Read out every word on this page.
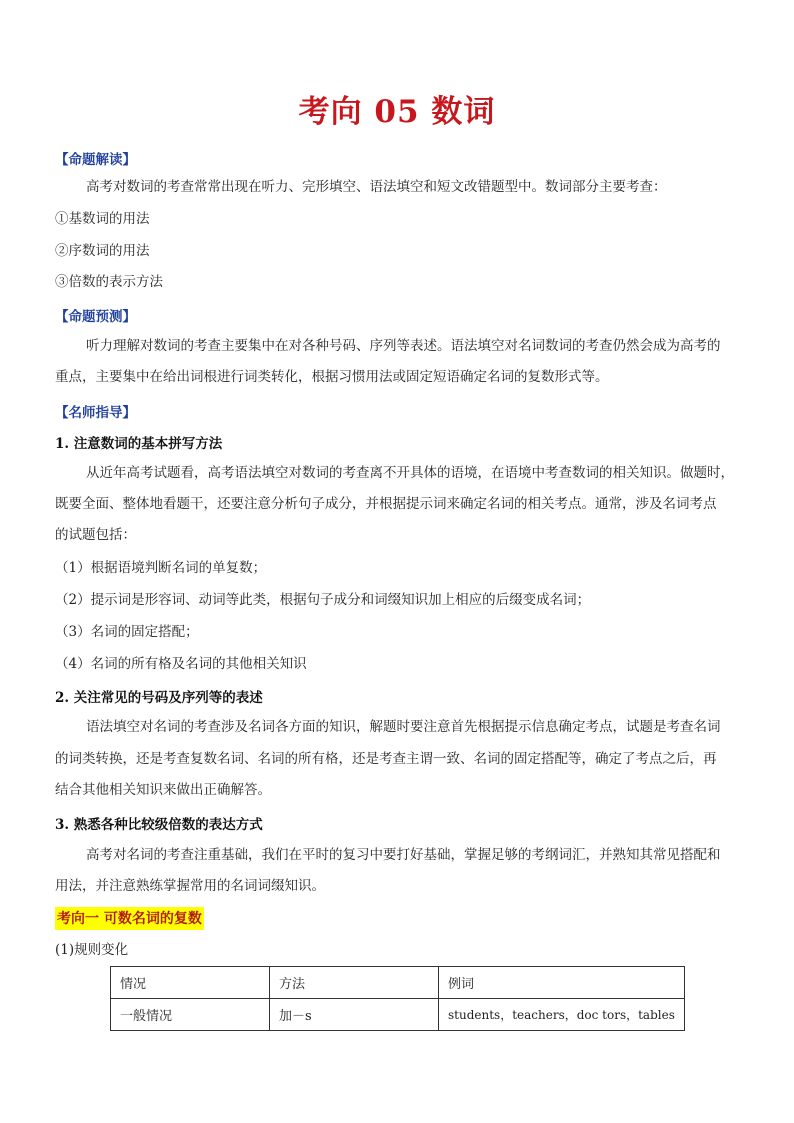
考向 05 数词
【命题解读】
高考对数词的考查常常出现在听力、完形填空、语法填空和短文改错题型中。数词部分主要考查：
①基数词的用法
②序数词的用法
③倍数的表示方法
【命题预测】
听力理解对数词的考查主要集中在对各种号码、序列等表述。语法填空对名词数词的考查仍然会成为高考的
重点，主要集中在给出词根进行词类转化，根据习惯用法或固定短语确定名词的复数形式等。
【名师指导】
1. 注意数词的基本拼写方法
从近年高考试题看，高考语法填空对数词的考查离不开具体的语境，在语境中考查数词的相关知识。做题时，
既要全面、整体地看题干，还要注意分析句子成分，并根据提示词来确定名词的相关考点。通常，涉及名词考点
的试题包括：
（1）根据语境判断名词的单复数；
（2）提示词是形容词、动词等此类，根据句子成分和词缀知识加上相应的后缀变成名词；
（3）名词的固定搭配；
（4）名词的所有格及名词的其他相关知识
2. 关注常见的号码及序列等的表述
语法填空对名词的考查涉及名词各方面的知识，解题时要注意首先根据提示信息确定考点，试题是考查名词
的词类转换，还是考查复数名词、名词的所有格，还是考查主谓一致、名词的固定搭配等，确定了考点之后，再
结合其他相关知识来做出正确解答。
3. 熟悉各种比较级倍数的表达方式
高考对名词的考查注重基础，我们在平时的复习中要打好基础，掌握足够的考纲词汇，并熟知其常见搭配和
用法，并注意熟练掌握常用的名词词缀知识。
考向一 可数名词的复数
(1)规则变化
情况	方法	例词
一般情况	加－s	students，teachers，doc tors，tables
